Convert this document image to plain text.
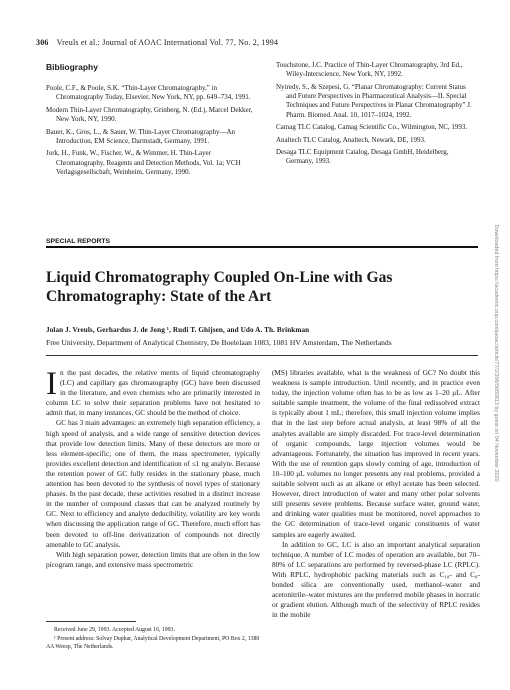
306 Vreuls et al.: Journal of AOAC International Vol. 77, No. 2, 1994
Bibliography

Poole, C.F., & Poole, S.K. “Thin-Layer Chromatography,” in Chromatography Today, Elsevier, New York, NY, pp. 649–734, 1991.

Modern Thin-Layer Chromatography, Grinberg, N. (Ed.), Marcel Dekker, New York, NY, 1990.

Bauer, K., Gros, L., & Sauer, W. Thin-Layer Chromatography—An Introduction, EM Science, Darmstadt, Germany, 1991.

Jork, H., Funk, W., Fischer, W., & Wimmer, H. Thin-Layer Chromatography, Reagents and Detection Methods, Vol. 1a; VCH Verlagsgesellschaft, Weinheim, Germany, 1990.

Touchstone, J.C. Practice of Thin-Layer Chromatography, 3rd Ed., Wiley-Interscience, New York, NY, 1992.

Nyiredy, S., & Szepesi, G. “Planar Chromatography: Current Status and Future Perspectives in Pharmaceutical Analysis—II. Special Techniques and Future Perspectives in Planar Chromatography” J. Pharm. Biomed. Anal. 10, 1017–1024, 1992.

Camag TLC Catalog, Camag Scientific Co., Wilmington, NC, 1993.

Analtech TLC Catalog, Analtech, Newark, DE, 1993.

Desaga TLC Equipment Catalog, Desaga GmbH, Heidelberg, Germany, 1993.

SPECIAL REPORTS
Liquid Chromatography Coupled On-Line with Gas Chromatography: State of the Art
Jolan J. Vreuls, Gerhardus J. de Jong ¹, Rudi T. Ghijsen, and Udo A. Th. Brinkman
Free University, Department of Analytical Chemistry, De Boelelaan 1083, 1081 HV Amsterdam, The Netherlands

In the past decades, the relative merits of liquid chromatography (LC) and capillary gas chromatography (GC) have been discussed in the literature, and even chemists who are primarily interested in column LC to solve their separation problems have not hesitated to admit that, in many instances, GC should be the method of choice.

GC has 3 main advantages: an extremely high separation efficiency, a high speed of analysis, and a wide range of sensitive detection devices that provide low detection limits. Many of these detectors are more or less element-specific; one of them, the mass spectrometer, typically provides excellent detection and identification of ≤1 ng analyte. Because the retention power of GC fully resides in the stationary phase, much attention has been devoted to the synthesis of novel types of stationary phases. In the past decade, these activities resulted in a distinct increase in the number of compound classes that can be analyzed routinely by GC. Next to efficiency and analyte deducibility, volatility are key words when discussing the application range of GC. Therefore, much effort has been devoted to off-line derivatization of compounds not directly amenable to GC analysis.

With high separation power, detection limits that are often in the low picogram range, and extensive mass spectrometric

(MS) libraries available, what is the weakness of GC? No doubt this weakness is sample introduction. Until recently, and in practice even today, the injection volume often has to be as low as 1–20 μL. After suitable sample treatment, the volume of the final redissolved extract is typically about 1 mL; therefore, this small injection volume implies that in the last step before actual analysis, at least 98% of all the analytes available are simply discarded. For trace-level determination of organic compounds, large injection volumes would be advantageous. Fortunately, the situation has improved in recent years. With the use of retention gaps slowly coming of age, introduction of 10–100 μL volumes no longer presents any real problems, provided a suitable solvent such as an alkane or ethyl acetate has been selected. However, direct introduction of water and many other polar solvents still presents severe problems. Because surface water, ground water, and drinking water qualities must be monitored, novel approaches to the GC determination of trace-level organic constituents of water samples are eagerly awaited.

In addition to GC, LC is also an important analytical separation technique. A number of LC modes of operation are available, but 70–80% of LC separations are performed by reversed-phase LC (RPLC). With RPLC, hydrophobic packing materials such as C₁₈- and C₈-bonded silica are conventionally used, methanol–water and acetonitrile–water mixtures are the preferred mobile phases in isocratic or gradient elution. Although much of the selectivity of RPLC resides in the mobile

Received June 29, 1993. Accepted August 16, 1993.

¹ Present address: Solvay Duphar, Analytical Development Department, PO Box 2, 1380 AA Weesp, The Netherlands.

Downloaded from https://academic.oup.com/jaoac/article/77/2/306/5685813 by guest on 04 November 2020
